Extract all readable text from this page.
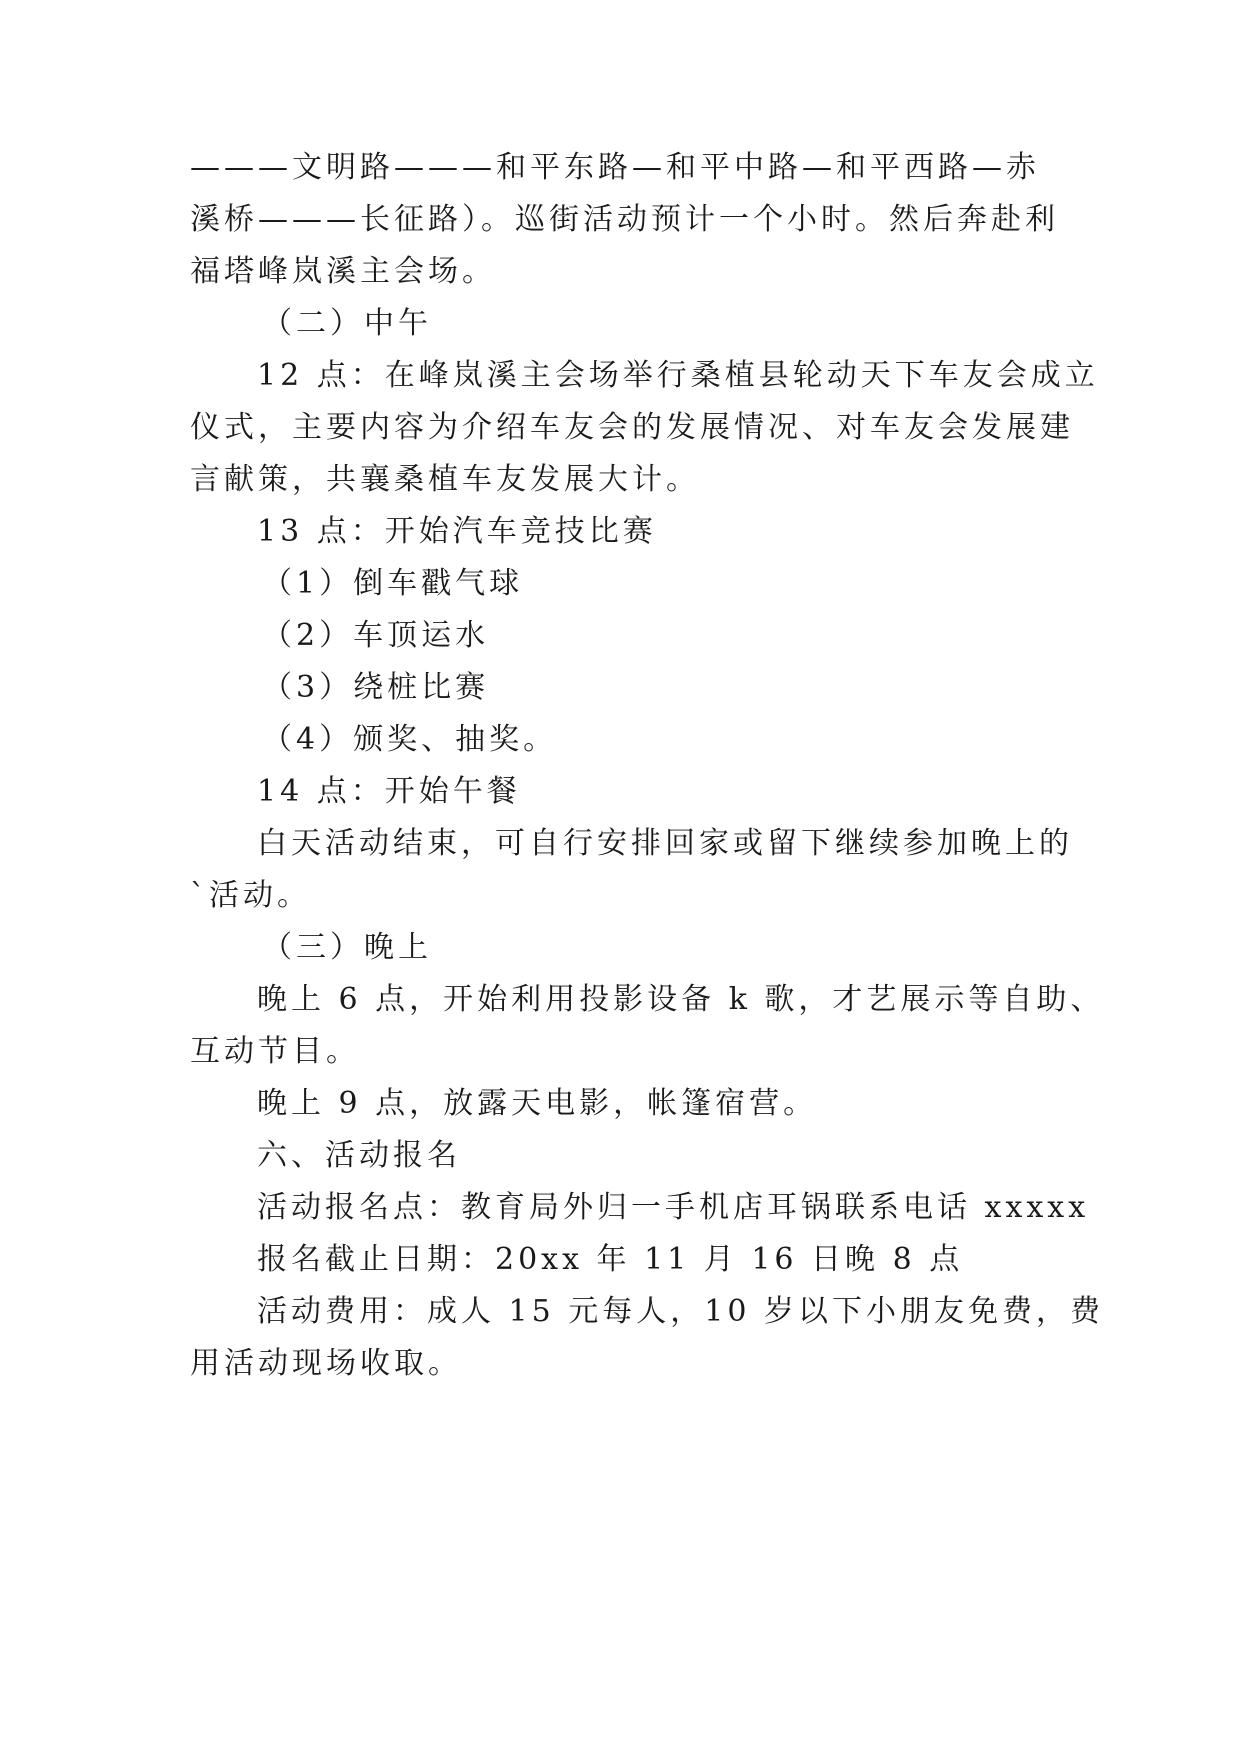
———文明路———和平东路—和平中路—和平西路—赤
溪桥———长征路）。巡街活动预计一个小时。然后奔赴利
福塔峰岚溪主会场。
（二）中午
12 点：在峰岚溪主会场举行桑植县轮动天下车友会成立
仪式，主要内容为介绍车友会的发展情况、对车友会发展建
言献策，共襄桑植车友发展大计。
13 点：开始汽车竞技比赛
（1）倒车戳气球
（2）车顶运水
（3）绕桩比赛
（4）颁奖、抽奖。
14 点：开始午餐
白天活动结束，可自行安排回家或留下继续参加晚上的
`活动。
（三）晚上
晚上 6 点，开始利用投影设备 k 歌，才艺展示等自助、
互动节目。
晚上 9 点，放露天电影，帐篷宿营。
六、活动报名
活动报名点：教育局外归一手机店耳锅联系电话 xxxxx
报名截止日期：20xx 年 11 月 16 日晚 8 点
活动费用：成人 15 元每人，10 岁以下小朋友免费，费
用活动现场收取。
